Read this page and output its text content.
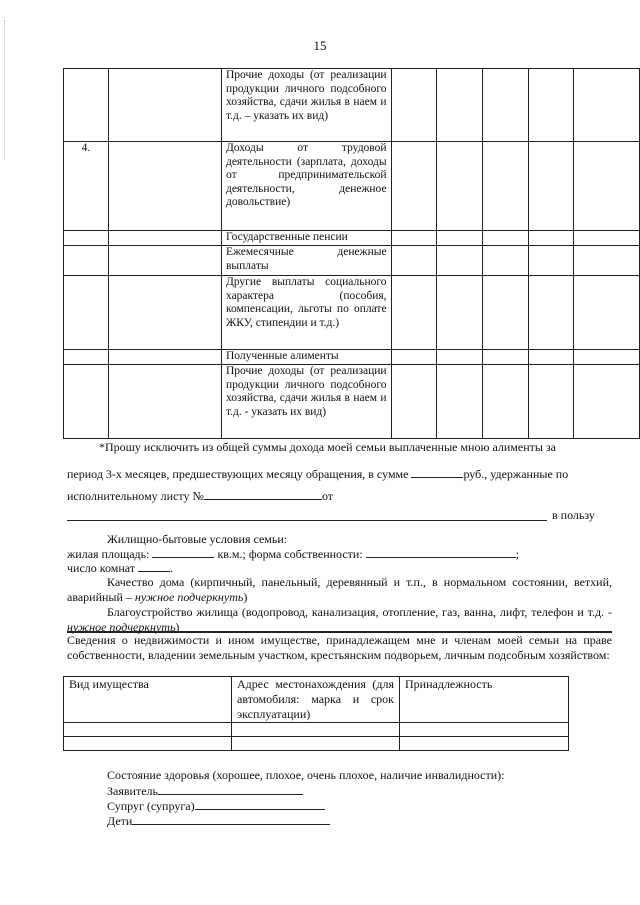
15
		Прочие доходы (от реализации продукции личного подсобного хозяйства, сдачи жилья в наем и т.д. – указать их вид)					
4.		Доходы от трудовой деятельности (зарплата, доходы от предпринимательской деятельности, денежное довольствие)					
		Государственные пенсии					
		Ежемесячные денежные выплаты					
		Другие выплаты социального характера (пособия, компенсации, льготы по оплате ЖКУ, стипендии и т.д.)					
		Полученные алименты					
		Прочие доходы (от реализации продукции личного подсобного хозяйства, сдачи жилья в наем и т.д. - указать их вид)					
*Прошу исключить из общей суммы дохода моей семьи выплаченные мною алименты за
период 3-х месяцев, предшествующих месяцу обращения, в сумме	руб., удержанные по
исполнительному листу №	от
в пользу
Жилищно-бытовые условия семьи:
жилая площадь:	кв.м.; форма собственности:	;
число комнат	.
Качество дома (кирпичный, панельный, деревянный и т.п., в нормальном состоянии, ветхий, аварийный – нужное подчеркнуть)
Благоустройство жилища (водопровод, канализация, отопление, газ, ванна, лифт, телефон и т.д. - нужное подчеркнуть)
Сведения о недвижимости и ином имуществе, принадлежащем мне и членам моей семьи на праве собственности, владении земельным участком, крестьянским подворьем, личным подсобным хозяйством:
Вид имущества	Адрес местонахождения (для автомобиля: марка и срок эксплуатации)	Принадлежность

Состояние здоровья (хорошее, плохое, очень плохое, наличие инвалидности):
Заявитель
Супруг (супруга)
Дети
